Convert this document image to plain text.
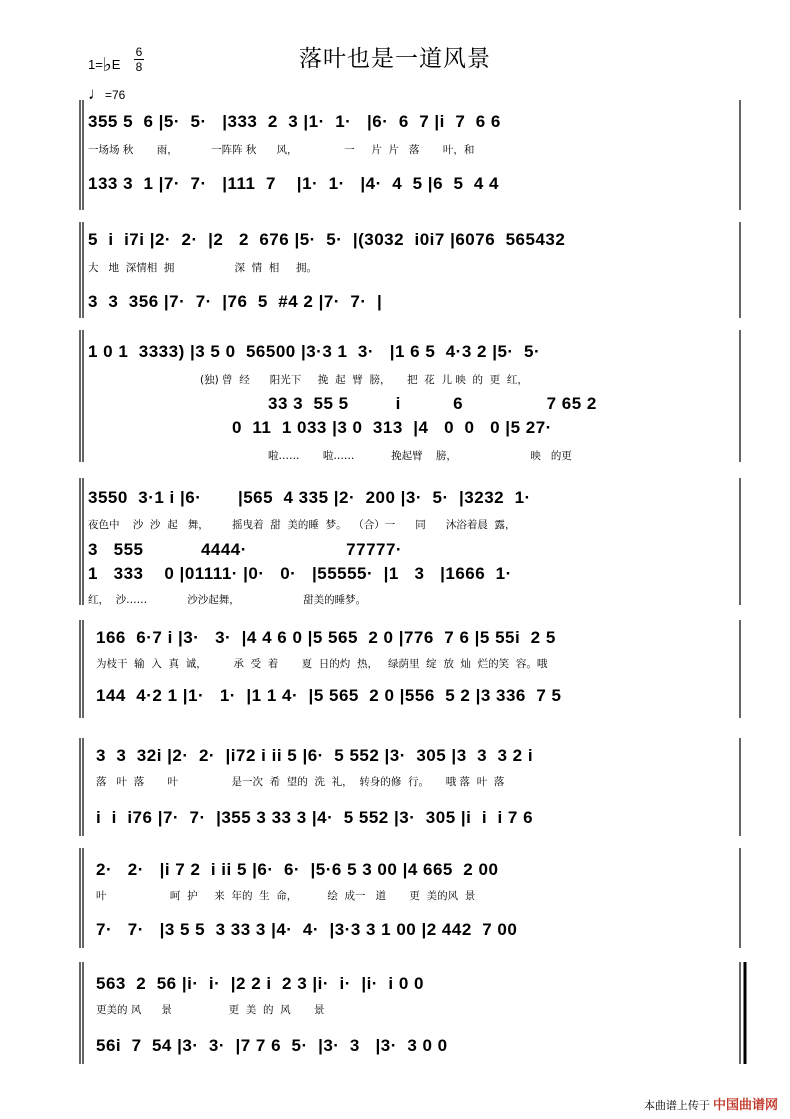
落叶也是一道风景
1=♭E
6
8
♩=76
355 5  6 |5·  5·   |333  2  3 |1·  1·   |6·  6  7 |i  7  6 6
一场场 秋       雨，          一阵阵 秋      风，              一     片  片   落       叶，和
133 3  1 |7·  7·   |111  7    |1·  1·   |4·  4  5 |6  5  4 4
5  i  i7i |2·  2·  |2   2  676 |5·  5·  |(3032  i0i7 |6076  565432
大   地  深情相  拥                  深  情  相     拥。
3  3  356 |7·  7·  |76  5  #4 2 |7·  7·  |
1 0 1  3333) |3 5 0  56500 |3·3 1  3·   |1 6 5  4·3 2 |5·  5·
(独) 曾  经      阳光下     挽  起  臂  膀，     把  花  儿 映  的  更  红，
33 3  55 5         i          6                7 65 2
0  11  1 033 |3 0  313  |4   0  0   0 |5 27·
啦……       啦……           挽起臂    膀，                      映   的更
3550  3·1 i |6·       |565  4 335 |2·  200 |3·  5·  |3232  1·
夜色中    沙  沙  起   舞，       摇曳着  甜  美的睡  梦。  （合）一      同      沐浴着晨  露，
3   555           4444·                   77777·
1   333    0 |01111· |0·   0·   |55555·  |1   3   |1666  1·
红，  沙……            沙沙起舞，                   甜美的睡梦。
166  6·7 i |3·   3·  |4 4 6 0 |5 565  2 0 |776  7 6 |5 55i  2 5
为枝干  输  入  真  诚，        承  受  着       夏  日的灼  热，   绿荫里  绽  放  灿  烂的笑  容。哦
144  4·2 1 |1·   1·  |1 1 4·  |5 565  2 0 |556  5 2 |3 336  7 5
3  3  32i |2·  2·  |i72 i ii 5 |6·  5 552 |3·  305 |3  3  3 2 i
落   叶  落       叶                是一次  希  望的  洗  礼，  转身的修  行。     哦 落  叶  落
i  i  i76 |7·  7·  |355 3 33 3 |4·  5 552 |3·  305 |i  i  i 7 6
2·   2·   |i 7 2  i ii 5 |6·  6·  |5·6 5 3 00 |4 665  2 00
叶                   呵  护     来  年的  生  命，         绘  成一   道       更  美的风  景
7·   7·   |3 5 5  3 33 3 |4·  4·  |3·3 3 1 00 |2 442  7 00
563  2  56 |i·  i·  |2 2 i  2 3 |i·  i·  |i·  i 0 0
更美的 风      景                 更  美  的  风       景
56i  7  54 |3·  3·  |7 7 6  5·  |3·  3   |3·  3 0 0
本曲谱上传于 中国曲谱网
